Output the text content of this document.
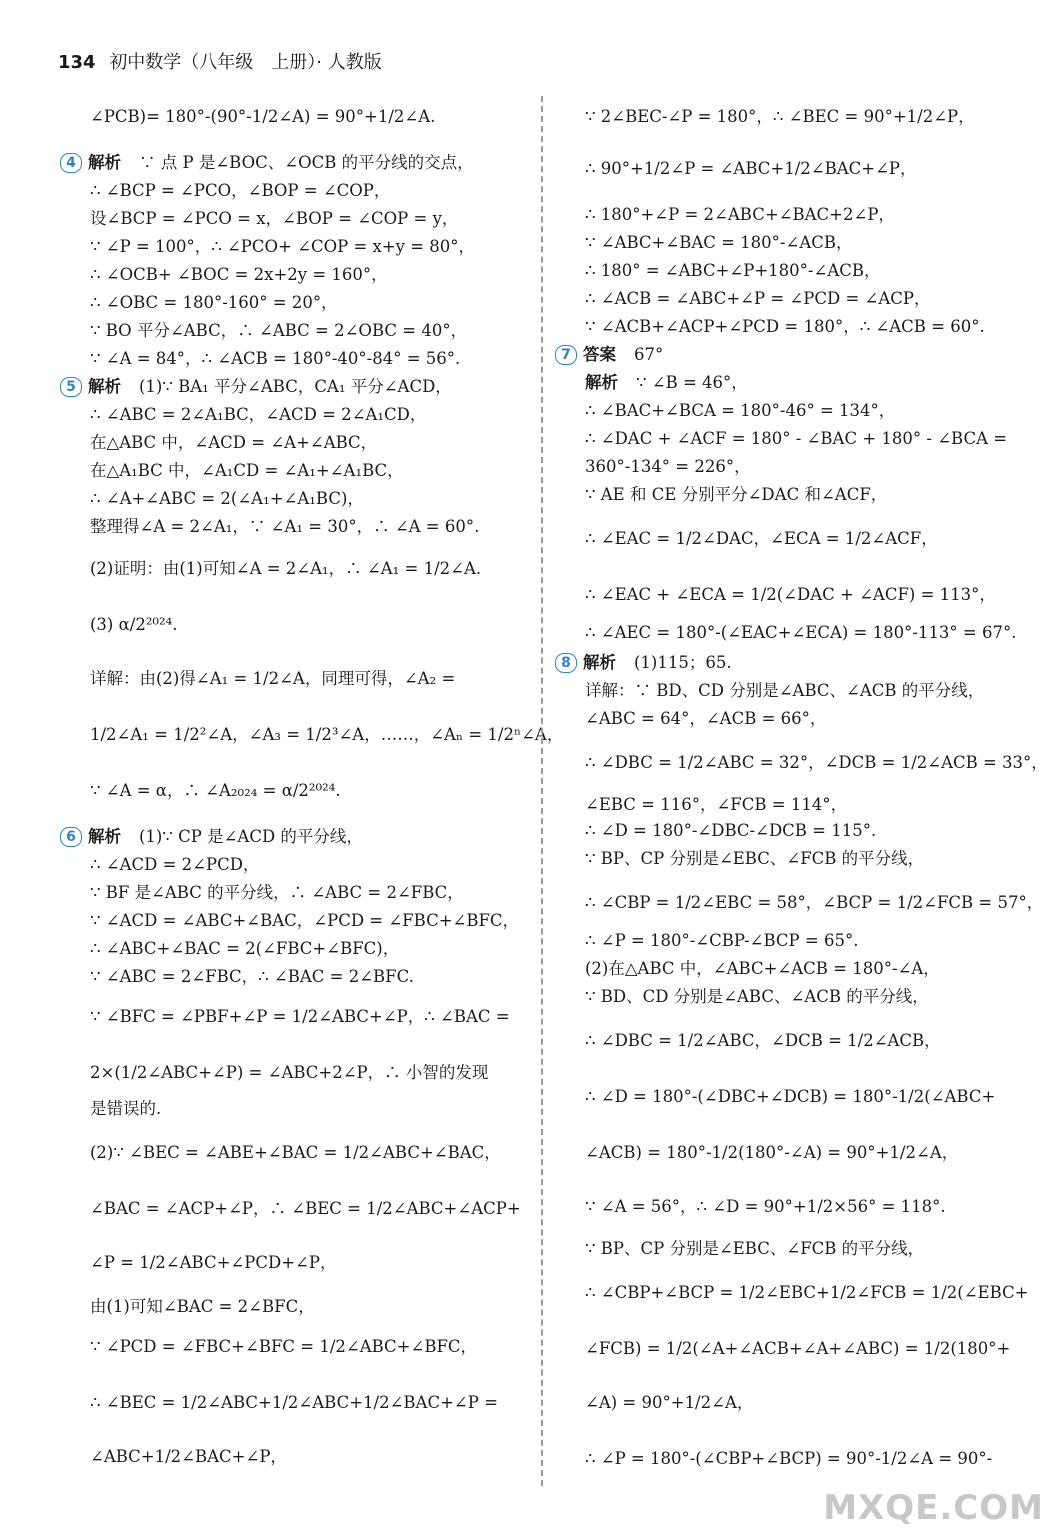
134 初中数学（八年级　上册）· 人教版
∠PCB)= 180°-(90°-1/2∠A) = 90°+1/2∠A.
4 解析 ∵ 点 P 是∠BOC、∠OCB 的平分线的交点，
∴ ∠BCP = ∠PCO，∠BOP = ∠COP，
设∠BCP = ∠PCO = x，∠BOP = ∠COP = y，
∵ ∠P = 100°，∴ ∠PCO+ ∠COP = x+y = 80°，
∴ ∠OCB+ ∠BOC = 2x+2y = 160°，
∴ ∠OBC = 180°-160° = 20°，
∵ BO 平分∠ABC，∴ ∠ABC = 2∠OBC = 40°，
∵ ∠A = 84°，∴ ∠ACB = 180°-40°-84° = 56°.
5 解析 (1)∵ BA₁ 平分∠ABC，CA₁ 平分∠ACD，
∴ ∠ABC = 2∠A₁BC，∠ACD = 2∠A₁CD，
在△ABC 中，∠ACD = ∠A+∠ABC，
在△A₁BC 中，∠A₁CD = ∠A₁+∠A₁BC，
∴ ∠A+∠ABC = 2(∠A₁+∠A₁BC)，
整理得∠A = 2∠A₁，∵ ∠A₁ = 30°，∴ ∠A = 60°.
(2)证明：由(1)可知∠A = 2∠A₁，∴ ∠A₁ = 1/2∠A.
(3) α/2²⁰²⁴.
详解：由(2)得∠A₁ = 1/2∠A，同理可得，∠A₂ =
1/2∠A₁ = 1/2²∠A，∠A₃ = 1/2³∠A，……，∠Aₙ = 1/2ⁿ∠A，
∵ ∠A = α，∴ ∠A₂₀₂₄ = α/2²⁰²⁴.
6 解析 (1)∵ CP 是∠ACD 的平分线，
∴ ∠ACD = 2∠PCD，
∵ BF 是∠ABC 的平分线，∴ ∠ABC = 2∠FBC，
∵ ∠ACD = ∠ABC+∠BAC，∠PCD = ∠FBC+∠BFC，
∴ ∠ABC+∠BAC = 2(∠FBC+∠BFC)，
∵ ∠ABC = 2∠FBC，∴ ∠BAC = 2∠BFC.
∵ ∠BFC = ∠PBF+∠P = 1/2∠ABC+∠P，∴ ∠BAC =
2×(1/2∠ABC+∠P) = ∠ABC+2∠P，∴ 小智的发现
是错误的.
(2)∵ ∠BEC = ∠ABE+∠BAC = 1/2∠ABC+∠BAC，
∠BAC = ∠ACP+∠P，∴ ∠BEC = 1/2∠ABC+∠ACP+
∠P = 1/2∠ABC+∠PCD+∠P，
由(1)可知∠BAC = 2∠BFC，
∵ ∠PCD = ∠FBC+∠BFC = 1/2∠ABC+∠BFC，
∴ ∠BEC = 1/2∠ABC+1/2∠ABC+1/2∠BAC+∠P =
∠ABC+1/2∠BAC+∠P，
∵ 2∠BEC-∠P = 180°，∴ ∠BEC = 90°+1/2∠P，
∴ 90°+1/2∠P = ∠ABC+1/2∠BAC+∠P，
∴ 180°+∠P = 2∠ABC+∠BAC+2∠P，
∵ ∠ABC+∠BAC = 180°-∠ACB，
∴ 180° = ∠ABC+∠P+180°-∠ACB，
∴ ∠ACB = ∠ABC+∠P = ∠PCD = ∠ACP，
∵ ∠ACB+∠ACP+∠PCD = 180°，∴ ∠ACB = 60°.
7 答案 67°
解析 ∵ ∠B = 46°，
∴ ∠BAC+∠BCA = 180°-46° = 134°，
∴ ∠DAC + ∠ACF = 180° - ∠BAC + 180° - ∠BCA =
360°-134° = 226°，
∵ AE 和 CE 分别平分∠DAC 和∠ACF，
∴ ∠EAC = 1/2∠DAC，∠ECA = 1/2∠ACF，
∴ ∠EAC + ∠ECA = 1/2(∠DAC + ∠ACF) = 113°，
∴ ∠AEC = 180°-(∠EAC+∠ECA) = 180°-113° = 67°.
8 解析 (1)115；65.
详解：∵ BD、CD 分别是∠ABC、∠ACB 的平分线，
∠ABC = 64°，∠ACB = 66°，
∴ ∠DBC = 1/2∠ABC = 32°，∠DCB = 1/2∠ACB = 33°，
∠EBC = 116°，∠FCB = 114°，
∴ ∠D = 180°-∠DBC-∠DCB = 115°.
∵ BP、CP 分别是∠EBC、∠FCB 的平分线，
∴ ∠CBP = 1/2∠EBC = 58°，∠BCP = 1/2∠FCB = 57°，
∴ ∠P = 180°-∠CBP-∠BCP = 65°.
(2)在△ABC 中，∠ABC+∠ACB = 180°-∠A，
∵ BD、CD 分别是∠ABC、∠ACB 的平分线，
∴ ∠DBC = 1/2∠ABC，∠DCB = 1/2∠ACB，
∴ ∠D = 180°-(∠DBC+∠DCB) = 180°-1/2(∠ABC+
∠ACB) = 180°-1/2(180°-∠A) = 90°+1/2∠A，
∵ ∠A = 56°，∴ ∠D = 90°+1/2×56° = 118°.
∵ BP、CP 分别是∠EBC、∠FCB 的平分线，
∴ ∠CBP+∠BCP = 1/2∠EBC+1/2∠FCB = 1/2(∠EBC+
∠FCB) = 1/2(∠A+∠ACB+∠A+∠ABC) = 1/2(180°+
∠A) = 90°+1/2∠A，
∴ ∠P = 180°-(∠CBP+∠BCP) = 90°-1/2∠A = 90°-
MXQE.COM
